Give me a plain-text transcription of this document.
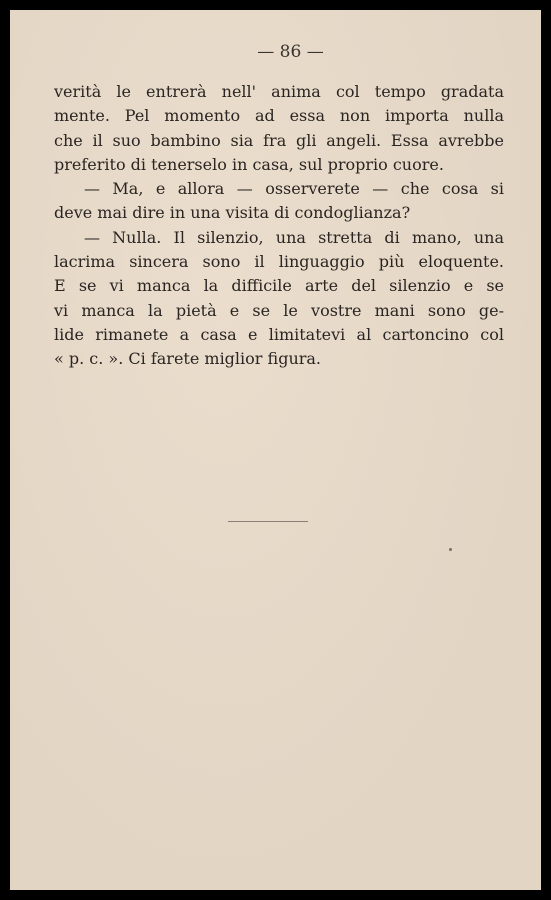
— 86 —
verità le entrerà nell' anima col tempo gradata
mente. Pel momento ad essa non importa nulla
che il suo bambino sia fra gli angeli. Essa avrebbe
preferito di tenerselo in casa, sul proprio cuore.
— Ma, e allora — osserverete — che cosa si
deve mai dire in una visita di condoglianza?
— Nulla. Il silenzio, una stretta di mano, una
lacrima sincera sono il linguaggio più eloquente.
E se vi manca la difficile arte del silenzio e se
vi manca la pietà e se le vostre mani sono ge-
lide rimanete a casa e limitatevi al cartoncino col
« p. c. ». Ci farete miglior figura.
